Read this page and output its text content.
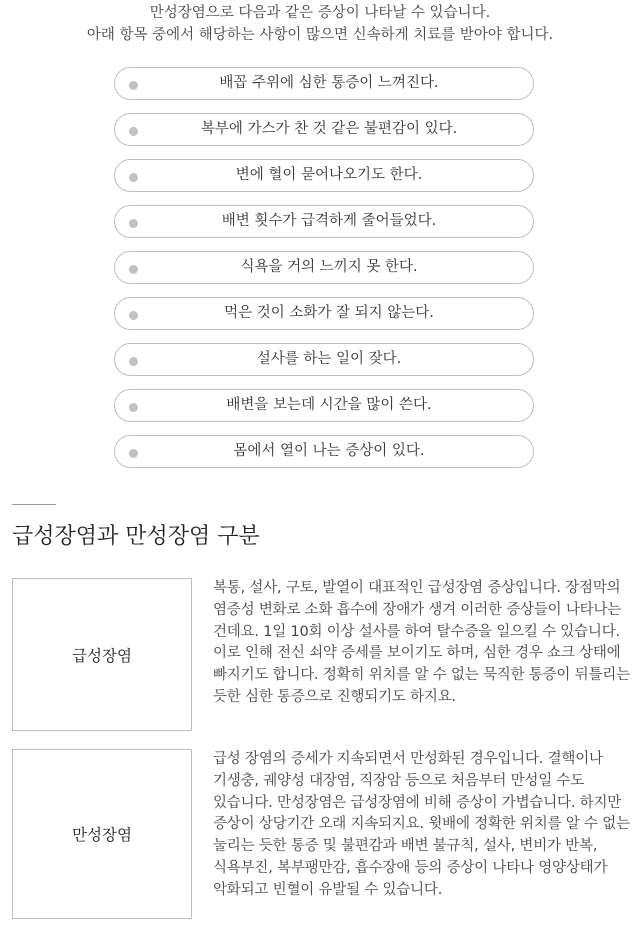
만성장염으로 다음과 같은 증상이 나타날 수 있습니다.
아래 항목 중에서 해당하는 사항이 많으면 신속하게 치료를 받아야 합니다.
배꼽 주위에 심한 통증이 느껴진다.
복부에 가스가 찬 것 같은 불편감이 있다.
변에 혈이 묻어나오기도 한다.
배변 횟수가 급격하게 줄어들었다.
식욕을 거의 느끼지 못 한다.
먹은 것이 소화가 잘 되지 않는다.
설사를 하는 일이 잦다.
배변을 보는데 시간을 많이 쓴다.
몸에서 열이 나는 증상이 있다.
급성장염과 만성장염 구분
급성장염

복통, 설사, 구토, 발열이 대표적인 급성장염 증상입니다. 장점막의 염증성 변화로 소화 흡수에 장애가 생겨 이러한 증상들이 나타나는 건데요. 1일 10회 이상 설사를 하여 탈수증을 일으킬 수 있습니다. 이로 인해 전신 쇠약 증세를 보이기도 하며, 심한 경우 쇼크 상태에 빠지기도 합니다. 정확히 위치를 알 수 없는 묵직한 통증이 뒤틀리는 듯한 심한 통증으로 진행되기도 하지요.

만성장염

급성 장염의 증세가 지속되면서 만성화된 경우입니다. 결핵이나 기생충, 궤양성 대장염, 직장암 등으로 처음부터 만성일 수도 있습니다. 만성장염은 급성장염에 비해 증상이 가볍습니다. 하지만 증상이 상당기간 오래 지속되지요. 윗배에 정확한 위치를 알 수 없는 눌리는 듯한 통증 및 불편감과 배변 불규칙, 설사, 변비가 반복, 식욕부진, 복부팽만감, 흡수장애 등의 증상이 나타나 영양상태가 악화되고 빈혈이 유발될 수 있습니다.
